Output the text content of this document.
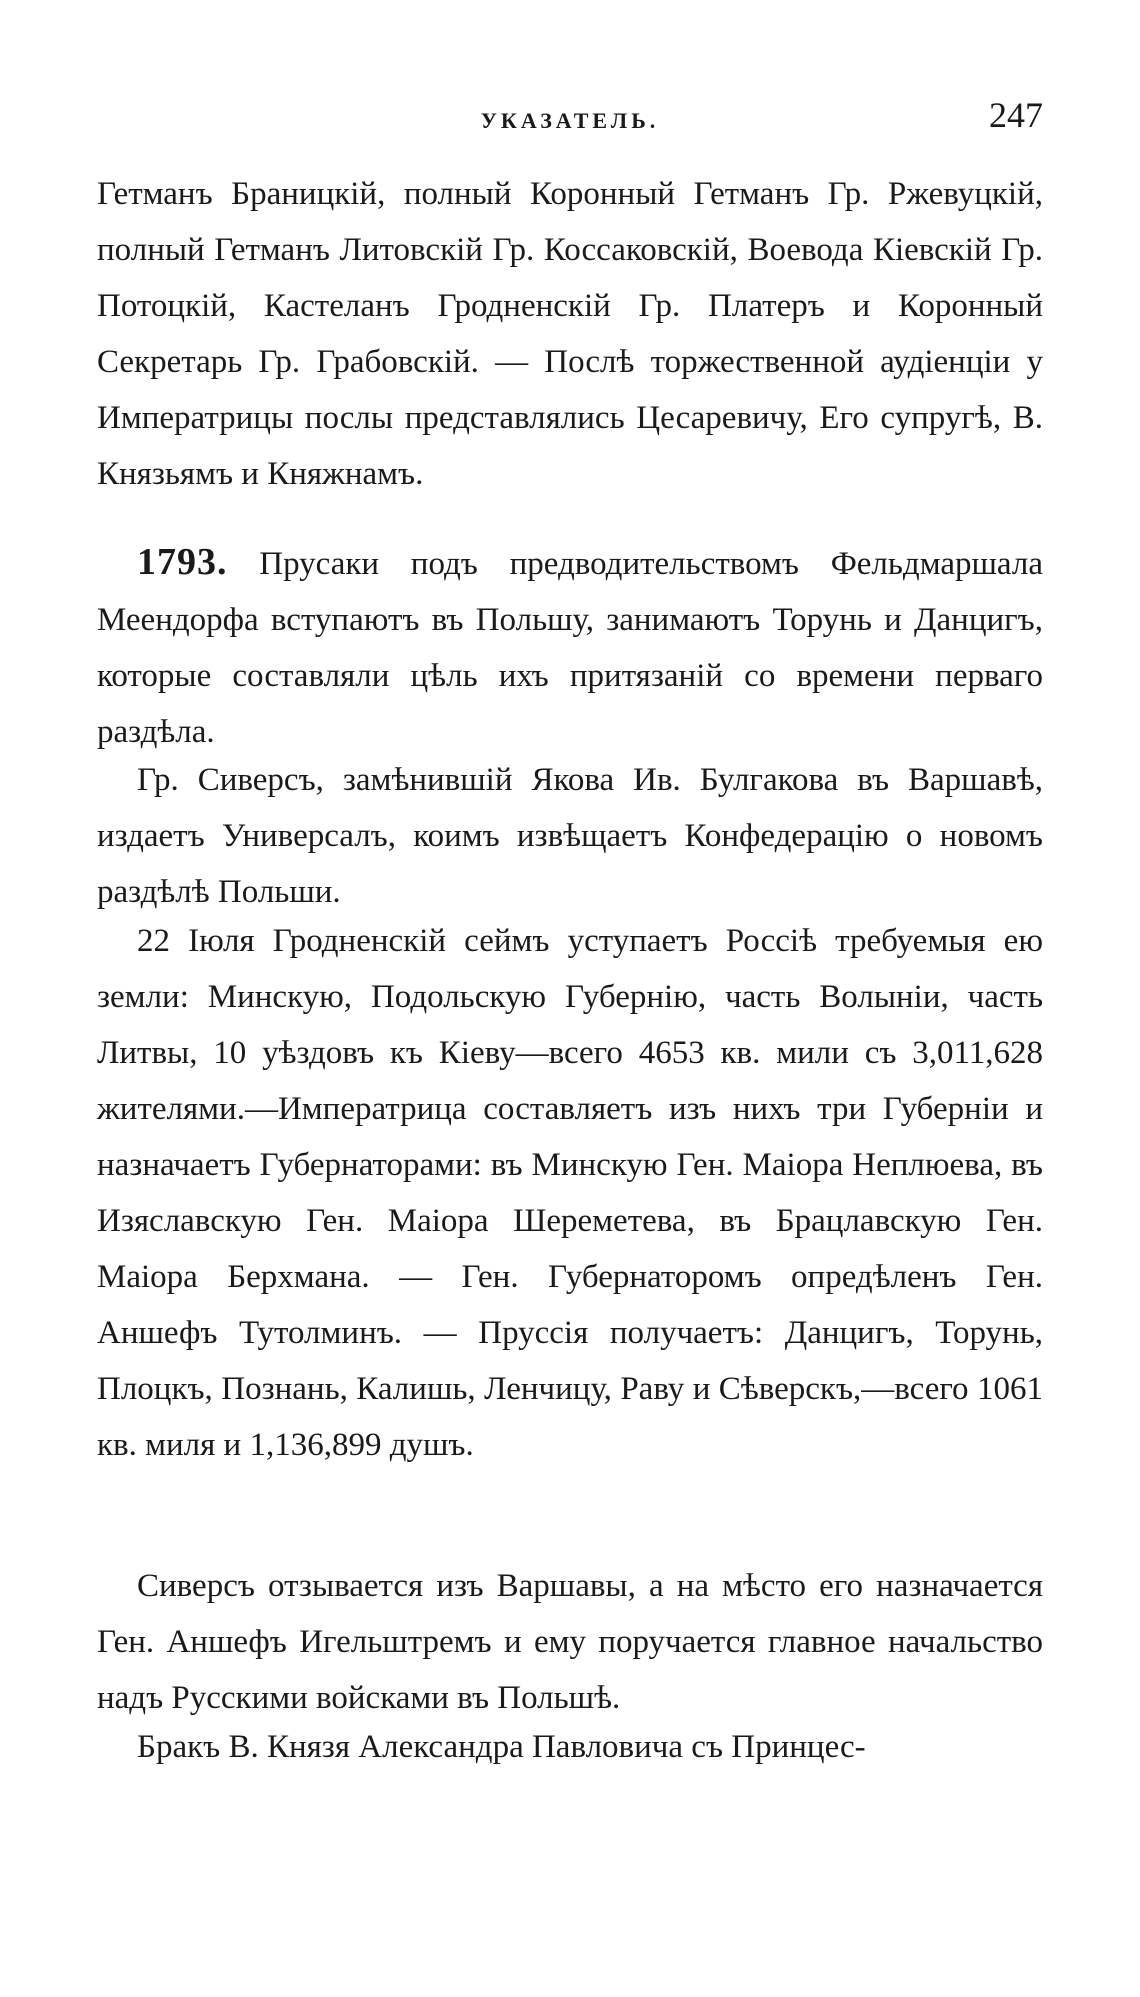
УКАЗАТЕЛЬ.	247
Гетманъ Браницкій, полный Коронный Гетманъ Гр. Ржевуцкій, полный Гетманъ Литовскій Гр. Коссаковскій, Воевода Кіевскій Гр. Потоцкій, Кастеланъ Гродненскій Гр. Платеръ и Коронный Секретарь Гр. Грабовскій. — Послѣ торжественной аудіенціи у Императрицы послы представлялись Цесаревичу, Его супругѣ, В. Князьямъ и Княжнамъ.
1793. Прусаки подъ предводительствомъ Фельдмаршала Меендорфа вступаютъ въ Польшу, занимаютъ Торунь и Данцигъ, которые составляли цѣль ихъ притязаній со времени перваго раздѣла.
Гр. Сиверсъ, замѣнившій Якова Ив. Булгакова въ Варшавѣ, издаетъ Универсалъ, коимъ извѣщаетъ Конфедерацію о новомъ раздѣлѣ Польши.
22 Іюля Гродненскій сеймъ уступаетъ Россіѣ требуемыя ею земли: Минскую, Подольскую Губернію, часть Волыніи, часть Литвы, 10 уѣздовъ къ Кіеву—всего 4653 кв. мили съ 3,011,628 жителями.—Императрица составляетъ изъ нихъ три Губерніи и назначаетъ Губернаторами: въ Минскую Ген. Маіора Неплюева, въ Изяславскую Ген. Маіора Шереметева, въ Брацлавскую Ген. Маіора Берхмана. — Ген. Губернаторомъ опредѣленъ Ген. Аншефъ Тутолминъ. — Пруссія получаетъ: Данцигъ, Торунь, Плоцкъ, Познань, Калишь, Ленчицу, Раву и Сѣверскъ,—всего 1061 кв. миля и 1,136,899 душъ.
Сиверсъ отзывается изъ Варшавы, а на мѣсто его назначается Ген. Аншефъ Игельштремъ и ему поручается главное начальство надъ Русскими войсками въ Польшѣ.
Бракъ В. Князя Александра Павловича съ Принцес-
